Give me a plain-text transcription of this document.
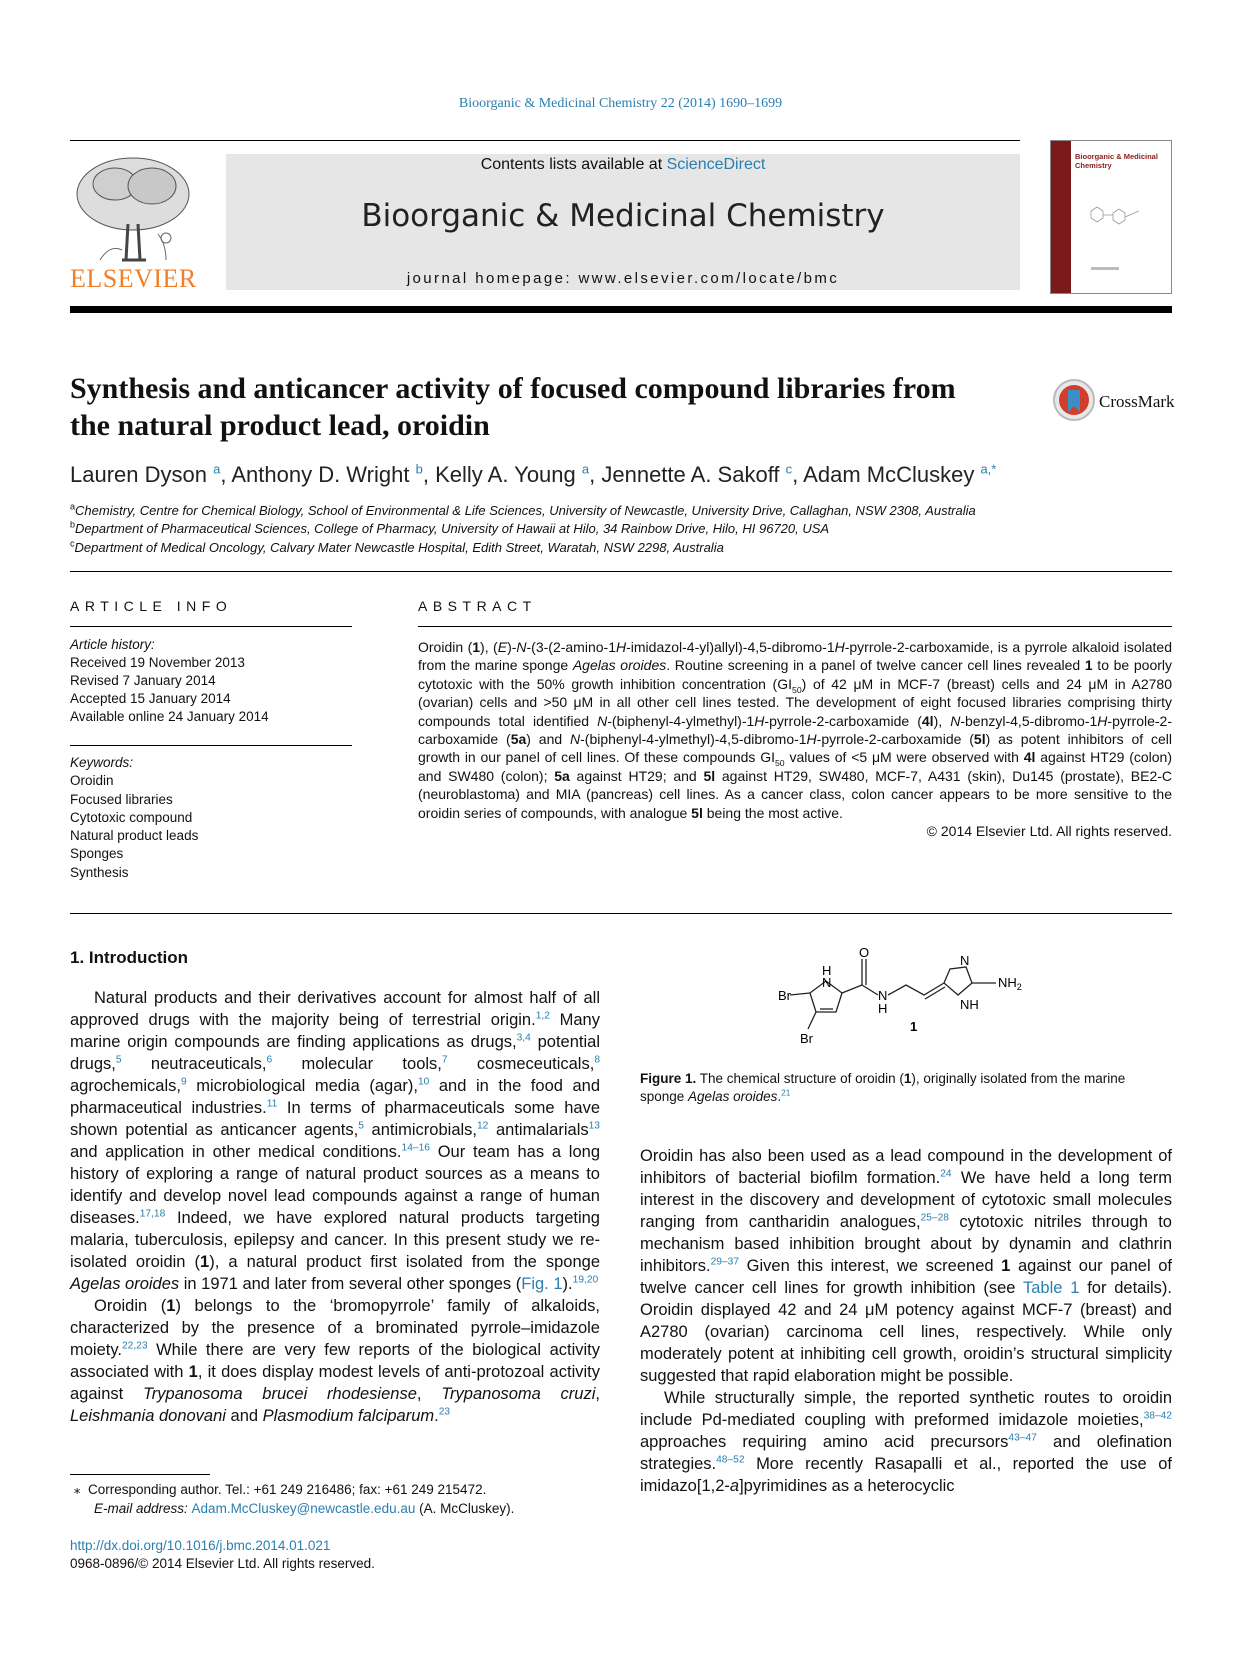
Bioorganic & Medicinal Chemistry 22 (2014) 1690–1699
ELSEVIER
Contents lists available at ScienceDirect
Bioorganic & Medicinal Chemistry
journal homepage: www.elsevier.com/locate/bmc
Bioorganic & Medicinal Chemistry
Synthesis and anticancer activity of focused compound libraries from
the natural product lead, oroidin
CrossMark
Lauren Dyson $^a$, Anthony D. Wright $^b$, Kelly A. Young $^a$, Jennette A. Sakoff $^c$, Adam McCluskey $^{a,*}$
$^a$Chemistry, Centre for Chemical Biology, School of Environmental & Life Sciences, University of Newcastle, University Drive, Callaghan, NSW 2308, Australia
$^b$Department of Pharmaceutical Sciences, College of Pharmacy, University of Hawaii at Hilo, 34 Rainbow Drive, Hilo, HI 96720, USA
$^c$Department of Medical Oncology, Calvary Mater Newcastle Hospital, Edith Street, Waratah, NSW 2298, Australia
ARTICLE INFO	ABSTRACT
Article history:
Received 19 November 2013
Revised 7 January 2014
Accepted 15 January 2014
Available online 24 January 2014
Keywords:
Oroidin
Focused libraries
Cytotoxic compound
Natural product leads
Sponges
Synthesis
Oroidin (1), (E)-N-(3-(2-amino-1H-imidazol-4-yl)allyl)-4,5-dibromo-1H-pyrrole-2-carboxamide, is a pyrrole alkaloid isolated from the marine sponge Agelas oroides. Routine screening in a panel of twelve cancer cell lines revealed 1 to be poorly cytotoxic with the 50% growth inhibition concentration $(GI_{50})$ of 42 μM in MCF-7 (breast) cells and 24 μM in A2780 (ovarian) cells and >50 μM in all other cell lines tested. The development of eight focused libraries comprising thirty compounds total identified N-(biphenyl-4-ylmethyl)-1H-pyrrole-2-carboxamide (4l), N-benzyl-4,5-dibromo-1H-pyrrole-2-carboxamide (5a) and N-(biphenyl-4-ylmethyl)-4,5-dibromo-1H-pyrrole-2-carboxamide (5l) as potent inhibitors of cell growth in our panel of cell lines. Of these compounds $GI_{50}$ values of <5 μM were observed with 4l against HT29 (colon) and SW480 (colon); 5a against HT29; and 5l against HT29, SW480, MCF-7, A431 (skin), Du145 (prostate), BE2-C (neuroblastoma) and MIA (pancreas) cell lines. As a cancer class, colon cancer appears to be more sensitive to the oroidin series of compounds, with analogue 5l being the most active.
© 2014 Elsevier Ltd. All rights reserved.
1. Introduction

Natural products and their derivatives account for almost half of all approved drugs with the majority being of terrestrial origin.$^{1,2}$ Many marine origin compounds are finding applications as drugs,$^{3,4}$ potential drugs,$^5$ neutraceuticals,$^6$ molecular tools,$^7$ cosmeceuticals,$^8$ agrochemicals,$^9$ microbiological media (agar),$^{10}$ and in the food and pharmaceutical industries.$^{11}$ In terms of pharmaceuticals some have shown potential as anticancer agents,$^5$ antimicrobials,$^{12}$ antimalarials$^{13}$ and application in other medical conditions.$^{14-16}$ Our team has a long history of exploring a range of natural product sources as a means to identify and develop novel lead compounds against a range of human diseases.$^{17,18}$ Indeed, we have explored natural products targeting malaria, tuberculosis, epilepsy and cancer. In this present study we re-isolated oroidin (1), a natural product first isolated from the sponge Agelas oroides in 1971 and later from several other sponges (Fig. 1).$^{19,20}$

Oroidin (1) belongs to the ‘bromopyrrole’ family of alkaloids, characterized by the presence of a brominated pyrrole–imidazole moiety.$^{22,23}$ While there are very few reports of the biological activity associated with 1, it does display modest levels of anti-protozoal activity against Trypanosoma brucei rhodesiense, Trypanosoma cruzi, Leishmania donovani and Plasmodium falciparum.$^{23}$

Br
Br
H
N
O
N
H
N
NH
$NH_2$
1
Figure 1. The chemical structure of oroidin (1), originally isolated from the marine sponge Agelas oroides.$^{21}$

Oroidin has also been used as a lead compound in the development of inhibitors of bacterial biofilm formation.$^{24}$ We have held a long term interest in the discovery and development of cytotoxic small molecules ranging from cantharidin analogues,$^{25-28}$ cytotoxic nitriles through to mechanism based inhibition brought about by dynamin and clathrin inhibitors.$^{29-37}$ Given this interest, we screened 1 against our panel of twelve cancer cell lines for growth inhibition (see Table 1 for details). Oroidin displayed 42 and 24 μM potency against MCF-7 (breast) and A2780 (ovarian) carcinoma cell lines, respectively. While only moderately potent at inhibiting cell growth, oroidin’s structural simplicity suggested that rapid elaboration might be possible.

While structurally simple, the reported synthetic routes to oroidin include Pd-mediated coupling with preformed imidazole moieties,$^{38-42}$ approaches requiring amino acid precursors$^{43-47}$ and olefination strategies.$^{48-52}$ More recently Rasapalli et al., reported the use of imidazo[1,2-a]pyrimidines as a heterocyclic

⁎  Corresponding author. Tel.: +61 249 216486; fax: +61 249 215472.
E-mail address: Adam.McCluskey@newcastle.edu.au (A. McCluskey).
http://dx.doi.org/10.1016/j.bmc.2014.01.021
0968-0896/© 2014 Elsevier Ltd. All rights reserved.
